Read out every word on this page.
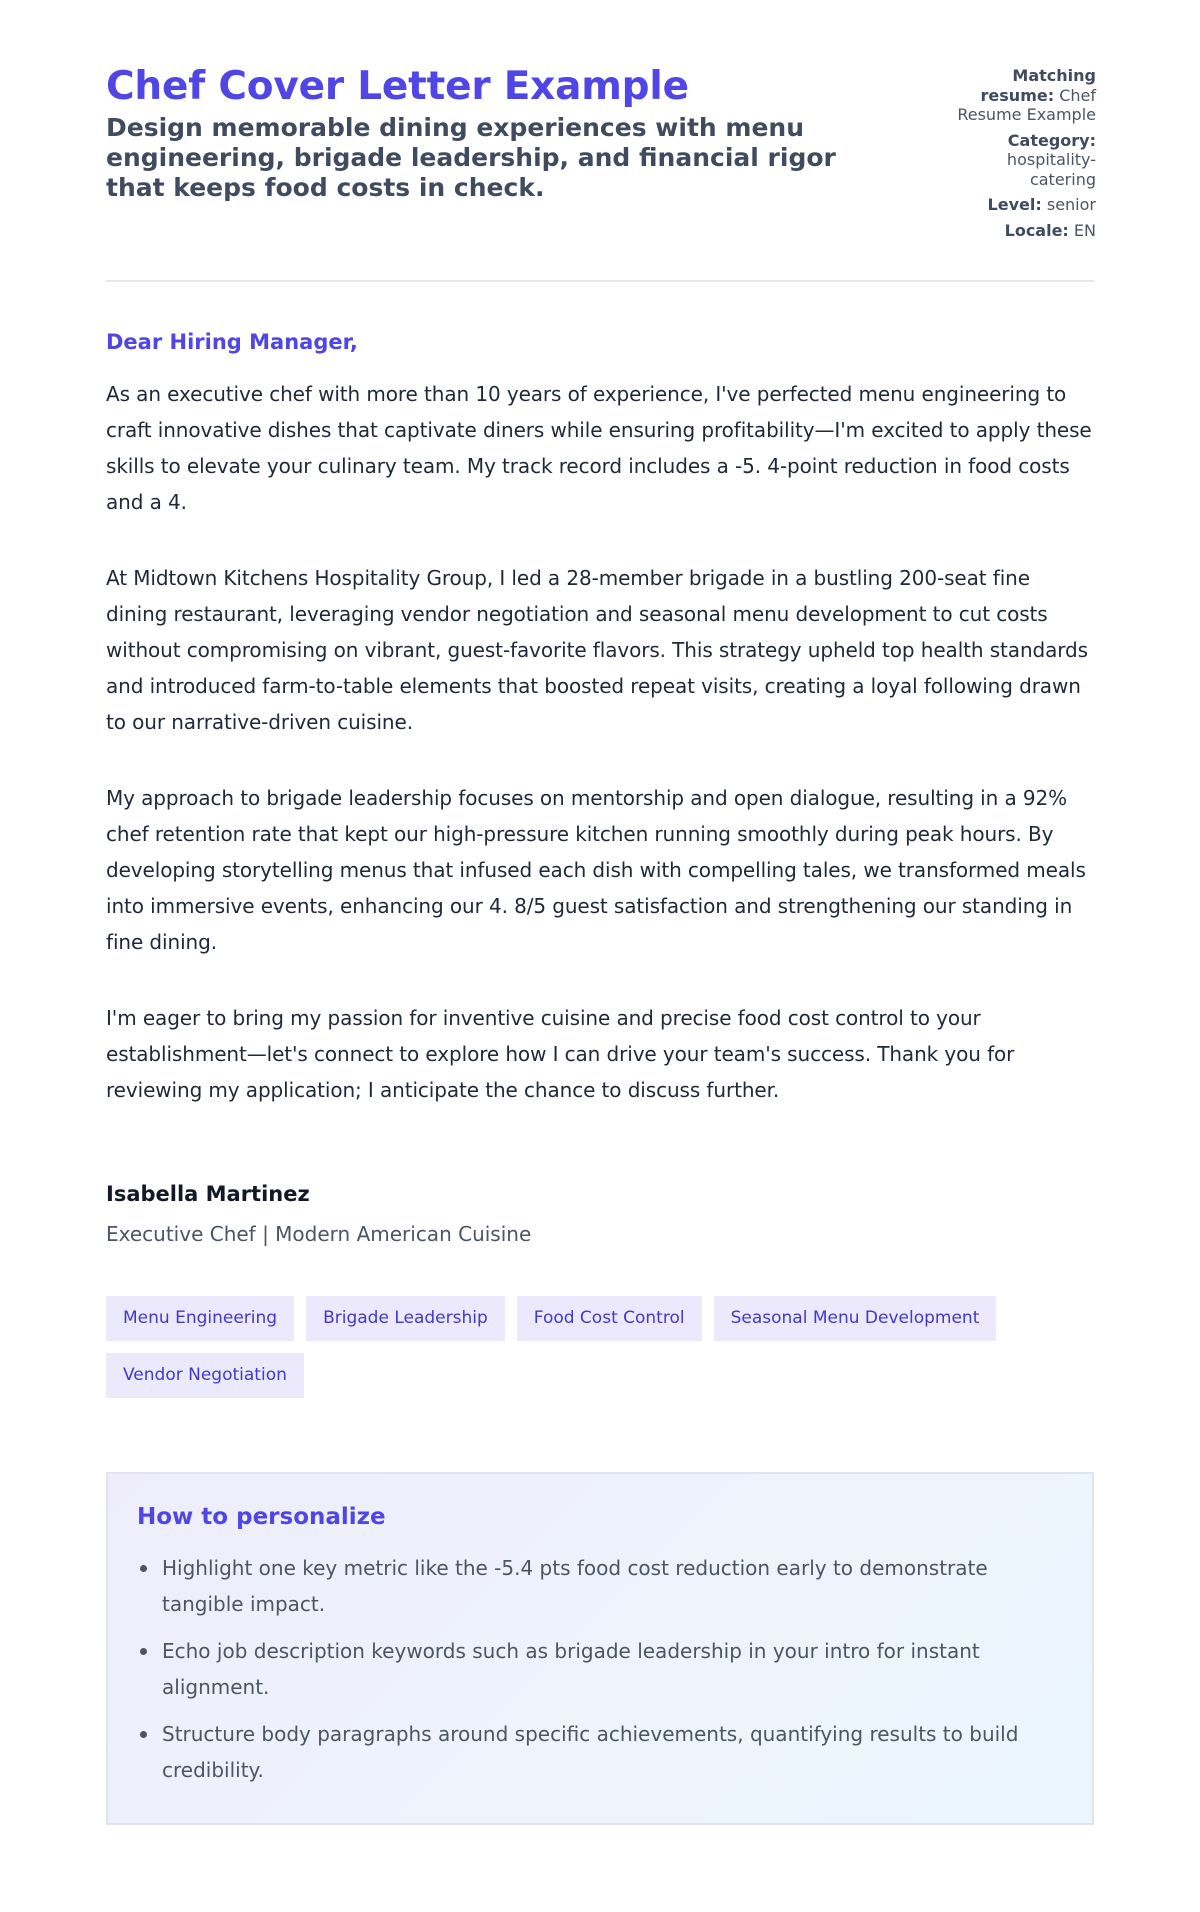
Chef Cover Letter Example
Design memorable dining experiences with menu engineering, brigade leadership, and financial rigor that keeps food costs in check.
Matching resume: Chef Resume Example
Category: hospitality-catering
Level: senior
Locale: EN

Dear Hiring Manager,

As an executive chef with more than 10 years of experience, I've perfected menu engineering to craft innovative dishes that captivate diners while ensuring profitability—I'm excited to apply these skills to elevate your culinary team. My track record includes a -5. 4-point reduction in food costs and a 4.

At Midtown Kitchens Hospitality Group, I led a 28-member brigade in a bustling 200-seat fine dining restaurant, leveraging vendor negotiation and seasonal menu development to cut costs without compromising on vibrant, guest-favorite flavors. This strategy upheld top health standards and introduced farm-to-table elements that boosted repeat visits, creating a loyal following drawn to our narrative-driven cuisine.

My approach to brigade leadership focuses on mentorship and open dialogue, resulting in a 92% chef retention rate that kept our high-pressure kitchen running smoothly during peak hours. By developing storytelling menus that infused each dish with compelling tales, we transformed meals into immersive events, enhancing our 4. 8/5 guest satisfaction and strengthening our standing in fine dining.

I'm eager to bring my passion for inventive cuisine and precise food cost control to your establishment—let's connect to explore how I can drive your team's success. Thank you for reviewing my application; I anticipate the chance to discuss further.

Isabella Martinez

Executive Chef | Modern American Cuisine

Menu Engineering	Brigade Leadership	Food Cost Control	Seasonal Menu Development
Vendor Negotiation
How to personalize
Highlight one key metric like the -5.4 pts food cost reduction early to demonstrate tangible impact.
Echo job description keywords such as brigade leadership in your intro for instant alignment.
Structure body paragraphs around specific achievements, quantifying results to build credibility.
